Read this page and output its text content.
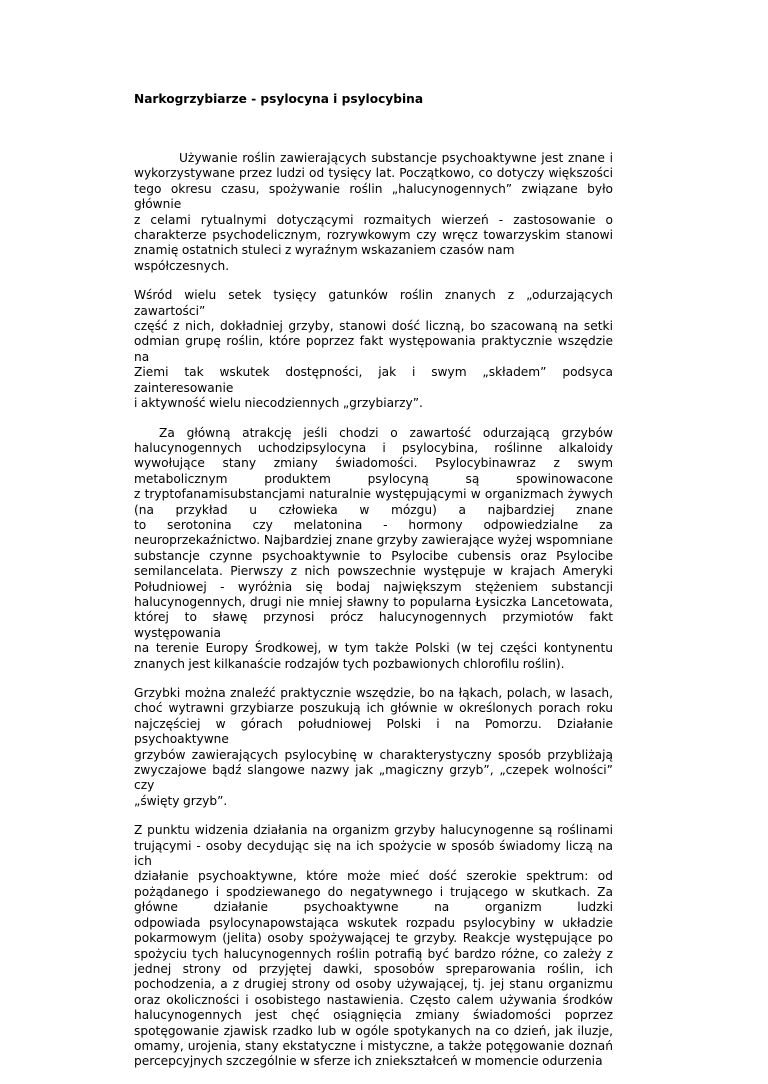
Narkogrzybiarze - psylocyna i psylocybina
Używanie roślin zawierających substancje psychoaktywne jest znane i
wykorzystywane przez ludzi od tysięcy lat. Początkowo, co dotyczy większości
tego okresu czasu, spożywanie roślin „halucynogennych” związane było głównie
z celami rytualnymi dotyczącymi rozmaitych wierzeń - zastosowanie o
charakterze psychodelicznym, rozrywkowym czy wręcz towarzyskim stanowi
znamię ostatnich stuleci z wyraźnym wskazaniem czasów nam współczesnych.
Wśród wielu setek tysięcy gatunków roślin znanych z „odurzających zawartości”
część z nich, dokładniej grzyby, stanowi dość liczną, bo szacowaną na setki
odmian grupę roślin, które poprzez fakt występowania praktycznie wszędzie na
Ziemi tak wskutek dostępności, jak i swym „składem” podsyca zainteresowanie
i aktywność wielu niecodziennych „grzybiarzy”.
Za główną atrakcję jeśli chodzi o zawartość odurzającą grzybów
halucynogennych uchodzipsylocyna i psylocybina, roślinne alkaloidy
wywołujące stany zmiany świadomości. Psylocybinawraz z swym
metabolicznym produktem psylocyną są spowinowacone
z tryptofanamisubstancjami naturalnie występującymi w organizmach żywych
(na przykład u człowieka w mózgu) a najbardziej znane
to serotonina czy melatonina - hormony odpowiedzialne za
neuroprzekaźnictwo. Najbardziej znane grzyby zawierające wyżej wspomniane
substancje czynne psychoaktywnie to Psylocibe cubensis oraz Psylocibe
semilancelata. Pierwszy z nich powszechnie występuje w krajach Ameryki
Południowej - wyróżnia się bodaj największym stężeniem substancji
halucynogennych, drugi nie mniej sławny to popularna Łysiczka Lancetowata,
której to sławę przynosi prócz halucynogennych przymiotów fakt występowania
na terenie Europy Środkowej, w tym także Polski (w tej części kontynentu
znanych jest kilkanaście rodzajów tych pozbawionych chlorofilu roślin).
Grzybki można znaleźć praktycznie wszędzie, bo na łąkach, polach, w lasach,
choć wytrawni grzybiarze poszukują ich głównie w określonych porach roku
najczęściej w górach południowej Polski i na Pomorzu. Działanie psychoaktywne
grzybów zawierających psylocybinę w charakterystyczny sposób przybliżają
zwyczajowe bądź slangowe nazwy jak „magiczny grzyb”, „czepek wolności” czy
„święty grzyb”.
Z punktu widzenia działania na organizm grzyby halucynogenne są roślinami
trującymi - osoby decydując się na ich spożycie w sposób świadomy liczą na ich
działanie psychoaktywne, które może mieć dość szerokie spektrum: od
pożądanego i spodziewanego do negatywnego i trującego w skutkach. Za
główne działanie psychoaktywne na organizm ludzki
odpowiada psylocynapowstająca wskutek rozpadu psylocybiny w układzie
pokarmowym (jelita) osoby spożywającej te grzyby. Reakcje występujące po
spożyciu tych halucynogennych roślin potrafią być bardzo różne, co zależy z
jednej strony od przyjętej dawki, sposobów spreparowania roślin, ich
pochodzenia, a z drugiej strony od osoby używającej, tj. jej stanu organizmu
oraz okoliczności i osobistego nastawienia. Często calem używania środków
halucynogennych jest chęć osiągnięcia zmiany świadomości poprzez
spotęgowanie zjawisk rzadko lub w ogóle spotykanych na co dzień, jak iluzje,
omamy, urojenia, stany ekstatyczne i mistyczne, a także potęgowanie doznań
percepcyjnych szczególnie w sferze ich zniekształceń w momencie odurzenia
